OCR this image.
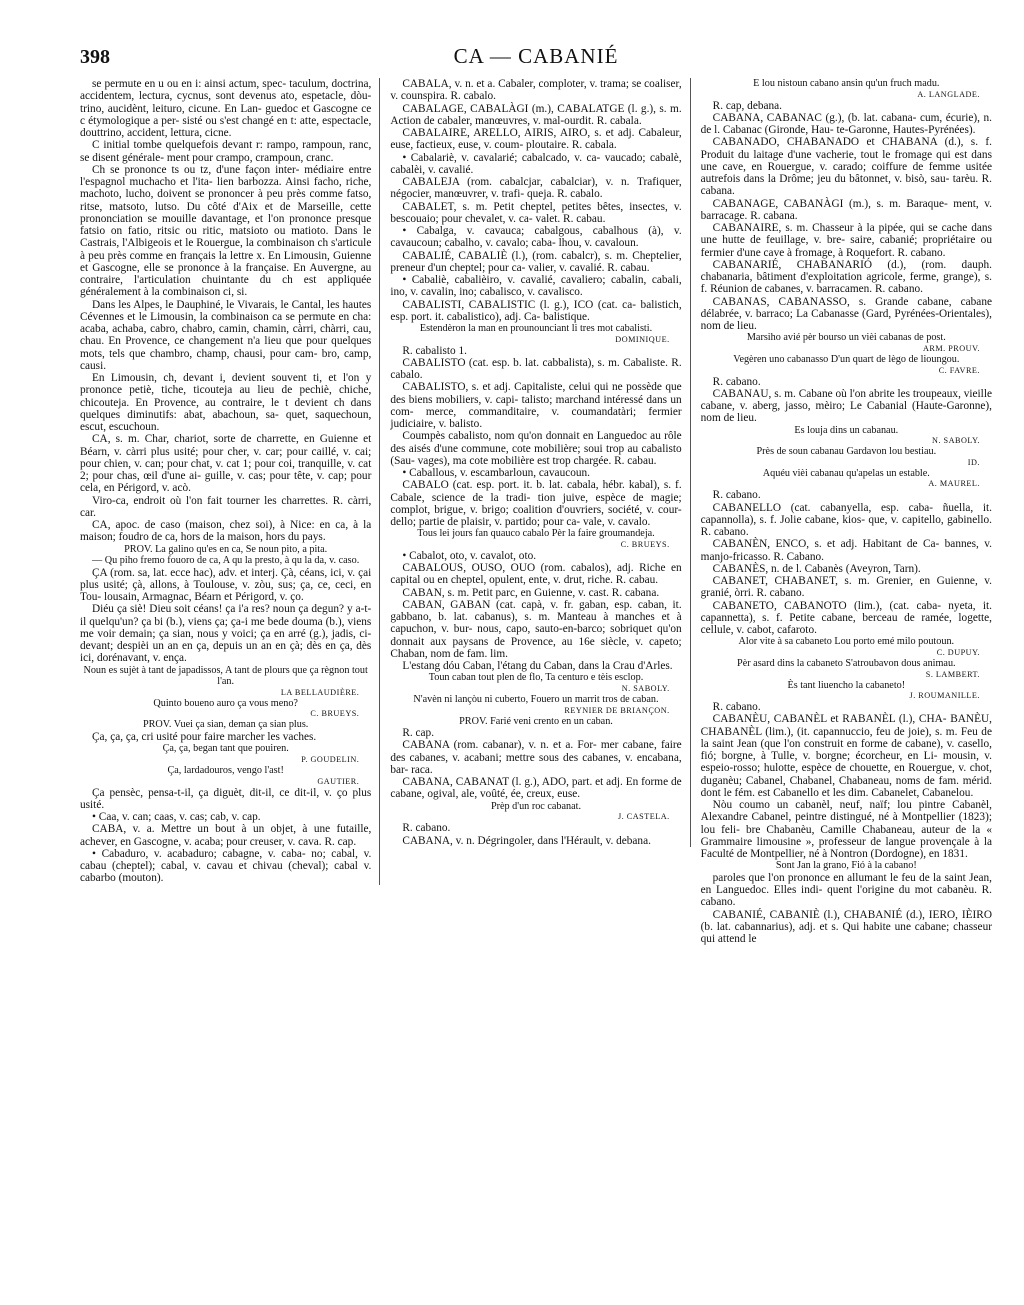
398	CA — CABANIÉ

se permute en u ou en i: ainsi actum, spec- taculum, doctrina, accidentem, lectura, cycnus, sont devenus ato, espetacle, dòu- trino, aucidènt, leituro, cicune. En Lan- guedoc et Gascogne ce c étymologique a per- sisté ou s'est changé en t: atte, espectacle, douttrino, accident, lettura, cicne.

C initial tombe quelquefois devant r: rampo, rampoun, ranc, se disent générale- ment pour crampo, crampoun, cranc.

Ch se prononce ts ou tz, d'une façon inter- médiaire entre l'espagnol muchacho et l'ita- lien barbozza. Ainsi facho, riche, machoto, lucho, doivent se prononcer à peu près comme fatso, ritse, matsoto, lutso. Du côté d'Aix et de Marseille, cette prononciation se mouille davantage, et l'on prononce presque fatsio on fatio, ritsic ou ritic, matsioto ou matioto. Dans le Castrais, l'Albigeois et le Rouergue, la combinaison ch s'articule à peu près comme en français la lettre x. En Limousin, Guienne et Gascogne, elle se prononce à la française. En Auvergne, au contraire, l'articulation chuintante du ch est appliquée généralement à la combinaison ci, si.

Dans les Alpes, le Dauphiné, le Vivarais, le Cantal, les hautes Cévennes et le Limousin, la combinaison ca se permute en cha: acaba, achaba, cabro, chabro, camin, chamin, càrri, chàrri, cau, chau. En Provence, ce changement n'a lieu que pour quelques mots, tels que chambro, champ, chausi, pour cam- bro, camp, causi.

En Limousin, ch, devant i, devient souvent ti, et l'on y prononce petiè, tiche, ticouteja au lieu de pechiè, chiche, chicouteja. En Provence, au contraire, le t devient ch dans quelques diminutifs: abat, abachoun, sa- quet, saquechoun, escut, escuchoun.

CA, s. m. Char, chariot, sorte de charrette, en Guienne et Béarn, v. càrri plus usité; pour cher, v. car; pour caillé, v. cai; pour chien, v. can; pour chat, v. cat 1; pour coi, tranquille, v. cat 2; pour chas, œil d'une ai- guille, v. cas; pour tête, v. cap; pour cela, en Périgord, v. acò.

Viro-ca, endroit où l'on fait tourner les charrettes. R. càrri, car.

CA, apoc. de caso (maison, chez soi), à Nice: en ca, à la maison; foudro de ca, hors de la maison, hors du pays.

PROV. La galino qu'es en ca, Se noun pito, a pita.

— Qu piho fremo fouoro de ca, A qu la presto, à qu la da, v. caso.

ÇA (rom. sa, lat. ecce hac), adv. et interj. Çà, céans, ici, v. çai plus usité; çà, allons, à Toulouse, v. zòu, sus; ça, ce, ceci, en Tou- lousain, Armagnac, Béarn et Périgord, v. ço.

Diéu ça siè! Dieu soit céans! ça i'a res? noun ça degun? y a-t-il quelqu'un? ça bi (b.), viens ça; ça-i me bede douma (b.), viens me voir demain; ça sian, nous y voici; ça en arré (g.), jadis, ci-devant; despièi un an en ça, depuis un an en çà; dès en ça, dès ici, dorénavant, v. ença.

Noun es sujèt à tant de japadissos, A tant de plours que ça règnon tout l'an.

LA BELLAUDIÈRE.

Quinto boueno auro ça vous meno?

C. BRUEYS.

PROV. Vuei ça sian, deman ça sian plus.

Ça, ça, ça, cri usité pour faire marcher les vaches.

Ça, ça, began tant que pouiren.

P. GOUDELIN.

Ça, lardadouros, vengo l'ast!

GAUTIER.

Ça pensèc, pensa-t-il, ça diguèt, dit-il, ce dit-il, v. ço plus usité.

• Caa, v. can; caas, v. cas; cab, v. cap.

CABA, v. a. Mettre un bout à un objet, à une futaille, achever, en Gascogne, v. acaba; pour creuser, v. cava. R. cap.

• Cabaduro, v. acabaduro; cabagne, v. caba- no; cabal, v. cabau (cheptel); cabal, v. cavau et chivau (cheval); cabal v. cabarbo (mouton).

CABALA, v. n. et a. Cabaler, comploter, v. trama; se coaliser, v. counspira. R. cabalo.

CABALAGE, CABALÀGI (m.), CABALATGE (l. g.), s. m. Action de cabaler, manœuvres, v. mal-ourdit. R. cabala.

CABALAIRE, ARELLO, AIRIS, AIRO, s. et adj. Cabaleur, euse, factieux, euse, v. coum- ploutaire. R. cabala.

• Cabalariè, v. cavalarié; cabalcado, v. ca- vaucado; cabalè, cabalèi, v. cavalié.

CABALEJA (rom. cabalcjar, cabalciar), v. n. Trafiquer, négocier, manœuvrer, v. trafi- queja. R. cabalo.

CABALET, s. m. Petit cheptel, petites bêtes, insectes, v. bescouaio; pour chevalet, v. ca- valet. R. cabau.

• Cabalga, v. cavauca; cabalgous, cabalhous (à), v. cavaucoun; cabalho, v. cavalo; caba- lhou, v. cavaloun.

CABALIÉ, CABALIÈ (l.), (rom. cabalcr), s. m. Cheptelier, preneur d'un cheptel; pour ca- valier, v. cavalié. R. cabau.

• Cabaliè, cabalièiro, v. cavalié, cavaliero; cabalin, cabali, ino, v. cavalin, ino; cabalisco, v. cavalisco.

CABALISTI, CABALISTIC (l. g.), ICO (cat. ca- balistich, esp. port. it. cabalistico), adj. Ca- balistique.

Estendèron la man en prounounciant li tres mot cabalisti.

DOMINIQUE.

R. cabalisto 1.

CABALISTO (cat. esp. b. lat. cabbalista), s. m. Cabaliste. R. cabalo.

CABALISTO, s. et adj. Capitaliste, celui qui ne possède que des biens mobiliers, v. capi- talisto; marchand intéressé dans un com- merce, commanditaire, v. coumandatàri; fermier judiciaire, v. balisto.

Coumpès cabalisto, nom qu'on donnait en Languedoc au rôle des aisés d'une commune, cote mobilière; soui trop au cabalisto (Sau- vages), ma cote mobilière est trop chargée. R. cabau.

• Caballous, v. escambarloun, cavaucoun.

CABALO (cat. esp. port. it. b. lat. cabala, hébr. kabal), s. f. Cabale, science de la tradi- tion juive, espèce de magie; complot, brigue, v. brigo; coalition d'ouvriers, société, v. cour- dello; partie de plaisir, v. partido; pour ca- vale, v. cavalo.

Tous lei jours fan quauco cabalo Pèr la faire groumandeja.

C. BRUEYS.

• Cabalot, oto, v. cavalot, oto.

CABALOUS, OUSO, OUO (rom. cabalos), adj. Riche en capital ou en cheptel, opulent, ente, v. drut, riche. R. cabau.

CABAN, s. m. Petit parc, en Guienne, v. cast. R. cabana.

CABAN, GABAN (cat. capà, v. fr. gaban, esp. caban, it. gabbano, b. lat. cabanus), s. m. Manteau à manches et à capuchon, v. bur- nous, capo, sauto-en-barco; sobriquet qu'on donnait aux paysans de Provence, au 16e siècle, v. capeto; Chaban, nom de fam. lim.

L'estang dóu Caban, l'étang du Caban, dans la Crau d'Arles.

Toun caban tout plen de flo, Ta centuro e tèis esclop.

N. SABOLY.

N'avèn ni lançòu ni cuberto, Fouero un marrit tros de caban.

REYNIER DE BRIANÇON.

PROV. Farié veni crento en un caban.

R. cap.

CABANA (rom. cabanar), v. n. et a. For- mer cabane, faire des cabanes, v. acabani; mettre sous des cabanes, v. encabana, bar- raca.

CABANA, CABANAT (l. g.), ADO, part. et adj. En forme de cabane, ogival, ale, voûté, ée, creux, euse.

Prèp d'un roc cabanat.

J. CASTELA.

R. cabano.

CABANA, v. n. Dégringoler, dans l'Hérault, v. debana.

E lou nistoun cabano ansin qu'un fruch madu.

A. LANGLADE.

R. cap, debana.

CABANA, CABANAC (g.), (b. lat. cabana- cum, écurie), n. de l. Cabanac (Gironde, Hau- te-Garonne, Hautes-Pyrénées).

CABANADO, CHABANADO et CHABANA (d.), s. f. Produit du laitage d'une vacherie, tout le fromage qui est dans une cave, en Rouergue, v. carado; coiffure de femme usitée autrefois dans la Drôme; jeu du bâtonnet, v. bisò, sau- tarèu. R. cabana.

CABANAGE, CABANÀGI (m.), s. m. Baraque- ment, v. barracage. R. cabana.

CABANAIRE, s. m. Chasseur à la pipée, qui se cache dans une hutte de feuillage, v. bre- saire, cabanié; propriétaire ou fermier d'une cave à fromage, à Roquefort. R. cabano.

CABANARIÉ, CHABANARIÓ (d.), (rom. dauph. chabanaria, bâtiment d'exploitation agricole, ferme, grange), s. f. Réunion de cabanes, v. barracamen. R. cabano.

CABANAS, CABANASSO, s. Grande cabane, cabane délabrée, v. barraco; La Cabanasse (Gard, Pyrénées-Orientales), nom de lieu.

Marsiho avié pèr bourso un vièi cabanas de post.

ARM. PROUV.

Vegèren uno cabanasso D'un quart de lègo de lioungou.

C. FAVRE.

R. cabano.

CABANAU, s. m. Cabane où l'on abrite les troupeaux, vieille cabane, v. aberg, jasso, mèiro; Le Cabanial (Haute-Garonne), nom de lieu.

Es louja dins un cabanau.

N. SABOLY.

Près de soun cabanau Gardavon lou bestiau.

ID.

Aquéu vièi cabanau qu'apelas un estable.

A. MAUREL.

R. cabano.

CABANELLO (cat. cabanyella, esp. caba- ñuella, it. capannolla), s. f. Jolie cabane, kios- que, v. capitello, gabinello. R. cabano.

CABANÈN, ENCO, s. et adj. Habitant de Ca- bannes, v. manjo-fricasso. R. Cabano.

CABANÈS, n. de l. Cabanès (Aveyron, Tarn).

CABANET, CHABANET, s. m. Grenier, en Guienne, v. granié, òrri. R. cabano.

CABANETO, CABANOTO (lim.), (cat. caba- nyeta, it. capannetta), s. f. Petite cabane, berceau de ramée, logette, cellule, v. cabot, cafaroto.

Alor vite à sa cabaneto Lou porto emé milo poutoun.

C. DUPUY.

Pèr asard dins la cabaneto S'atroubavon dous animau.

S. LAMBERT.

Ès tant liuencho la cabaneto!

J. ROUMANILLE.

R. cabano.

CABANÈU, CABANÈL et RABANÈL (l.), CHA- BANÈU, CHABANÈL (lim.), (it. capannuccio, feu de joie), s. m. Feu de la saint Jean (que l'on construit en forme de cabane), v. casello, fió; borgne, à Tulle, v. borgne; écorcheur, en Li- mousin, v. espeio-rosso; hulotte, espèce de chouette, en Rouergue, v. chot, duganèu; Cabanel, Chabanel, Chabaneau, noms de fam. mérid. dont le fém. est Cabanello et les dim. Cabanelet, Cabanelou.

Nòu coumo un cabanèl, neuf, naïf; lou pintre Cabanèl, Alexandre Cabanel, peintre distingué, né à Montpellier (1823); lou feli- bre Chabanèu, Camille Chabaneau, auteur de la « Grammaire limousine », professeur de langue provençale à la Faculté de Montpellier, né à Nontron (Dordogne), en 1831.

Sont Jan la grano, Fió à la cabano!

paroles que l'on prononce en allumant le feu de la saint Jean, en Languedoc. Elles indi- quent l'origine du mot cabanèu. R. cabano.

CABANIÉ, CABANIÈ (l.), CHABANIÉ (d.), IERO, IÈIRO (b. lat. cabannarius), adj. et s. Qui habite une cabane; chasseur qui attend le
